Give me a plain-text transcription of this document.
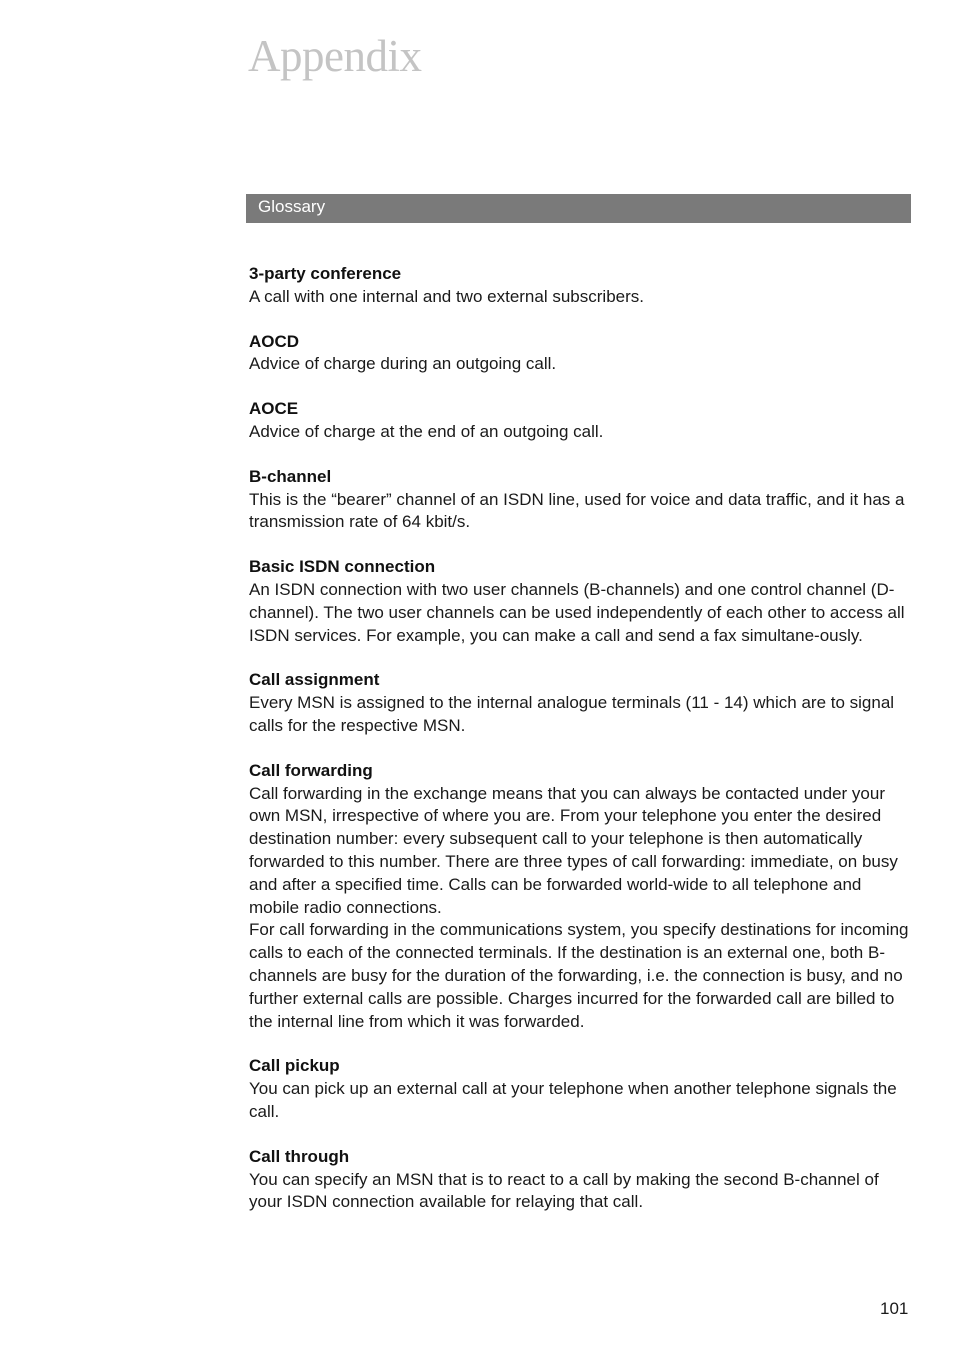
Appendix
Glossary
3-party conference

A call with one internal and two external subscribers.

AOCD

Advice of charge during an outgoing call.

AOCE

Advice of charge at the end of an outgoing call.

B-channel

This is the “bearer” channel of an ISDN line, used for voice and data traffic, and it has a transmission rate of 64 kbit/s.

Basic ISDN connection

An ISDN connection with two user channels (B-channels) and one control channel (D-channel). The two user channels can be used independently of each other to access all ISDN services. For example, you can make a call and send a fax simultane-ously.

Call assignment

Every MSN is assigned to the internal analogue terminals (11 - 14) which are to signal calls for the respective MSN.

Call forwarding

Call forwarding in the exchange means that you can always be contacted under your own MSN, irrespective of where you are. From your telephone you enter the desired destination number: every subsequent call to your telephone is then automatically forwarded to this number. There are three types of call forwarding: immediate, on busy and after a specified time. Calls can be forwarded world-wide to all telephone and mobile radio connections.

For call forwarding in the communications system, you specify destinations for incoming calls to each of the connected terminals. If the destination is an external one, both B-channels are busy for the duration of the forwarding, i.e. the connection is busy, and no further external calls are possible. Charges incurred for the forwarded call are billed to the internal line from which it was forwarded.

Call pickup

You can pick up an external call at your telephone when another telephone signals the call.

Call through

You can specify an MSN that is to react to a call by making the second B-channel of your ISDN connection available for relaying that call.

101
